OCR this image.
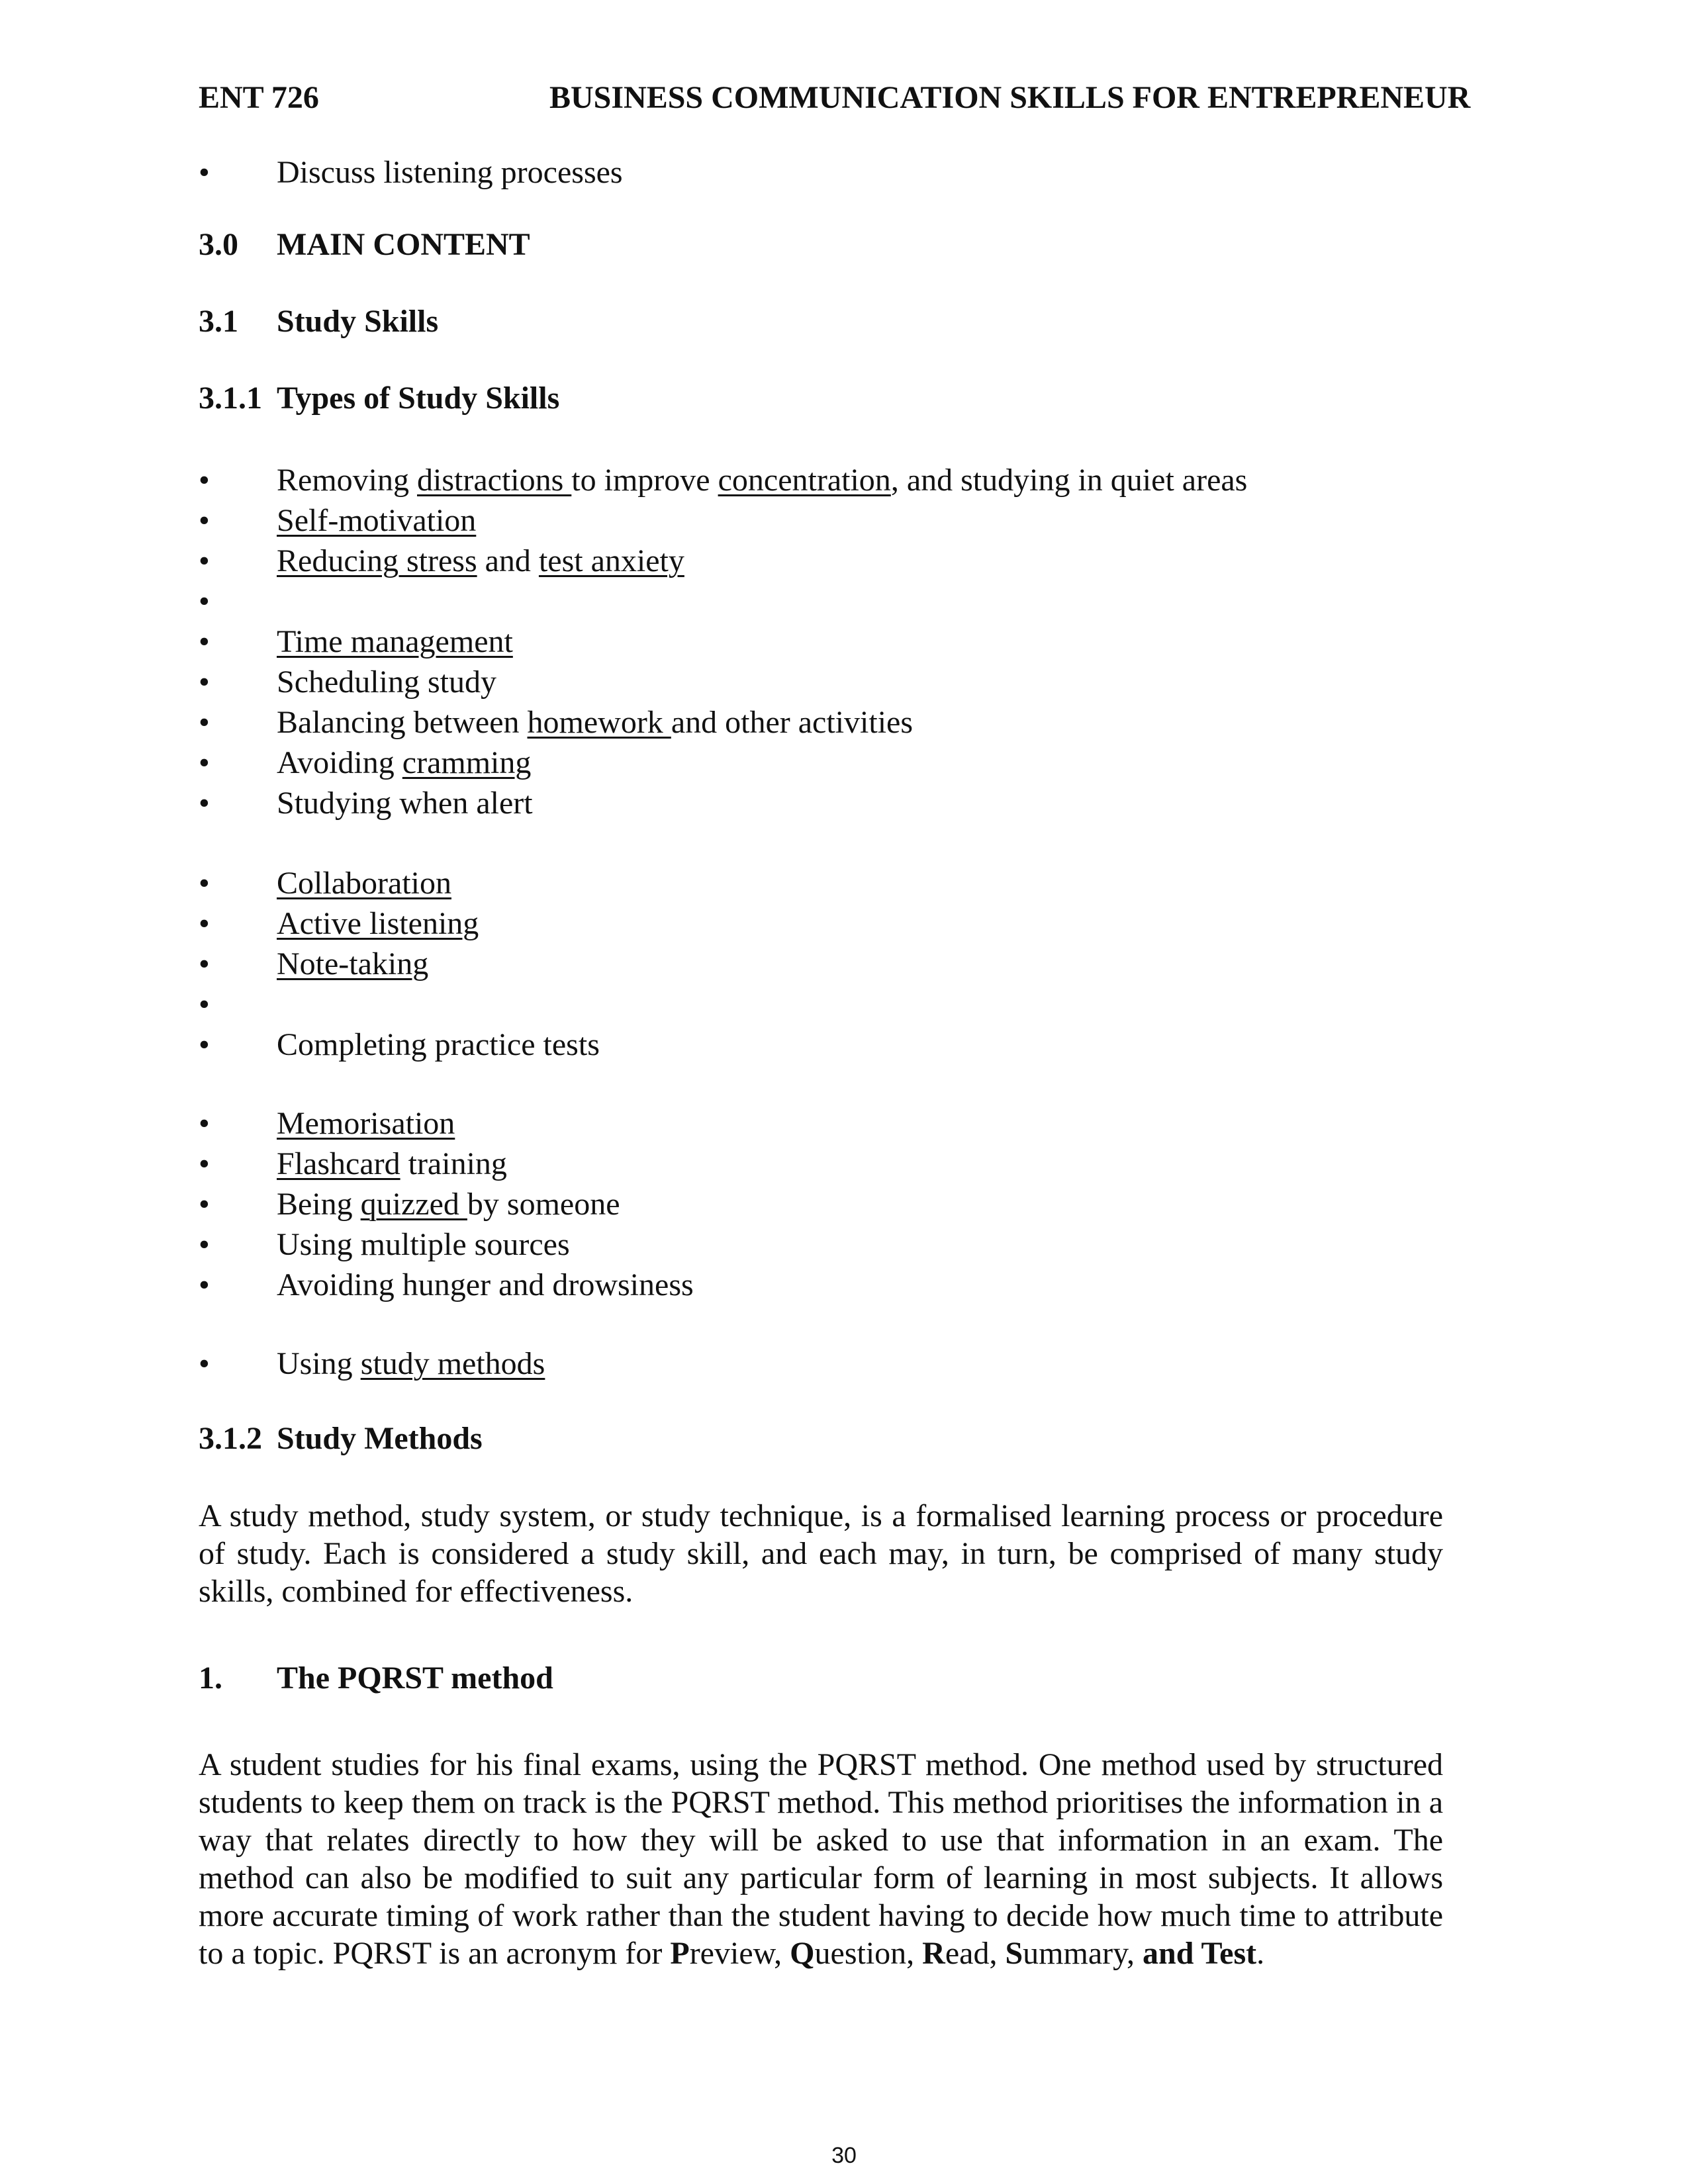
ENT 726	BUSINESS COMMUNICATION SKILLS FOR ENTREPRENEUR
•
Discuss listening processes
3.0 MAIN CONTENT
3.1 Study Skills
3.1.1 Types of Study Skills
•
Removing distractions to improve concentration, and studying in quiet areas
•
Self-motivation
•
Reducing stress and test anxiety
•
•
Time management
•
Scheduling study
•
Balancing between homework and other activities
•
Avoiding cramming
•
Studying when alert
•
Collaboration
•
Active listening
•
Note-taking
•
•
Completing practice tests
•
Memorisation
•
Flashcard training
•
Being quizzed by someone
•
Using multiple sources
•
Avoiding hunger and drowsiness
•
Using study methods
3.1.2 Study Methods
A study method, study system, or study technique, is a formalised learning process or procedure of study. Each is considered a study skill, and each may, in turn, be comprised of many study skills, combined for effectiveness.
1. The PQRST method
A student studies for his final exams, using the PQRST method. One method used by structured students to keep them on track is the PQRST method. This method prioritises the information in a way that relates directly to how they will be asked to use that information in an exam. The method can also be modified to suit any particular form of learning in most subjects. It allows more accurate timing of work rather than the student having to decide how much time to attribute to a topic. PQRST is an acronym for Preview, Question, Read, Summary, and Test.
30
